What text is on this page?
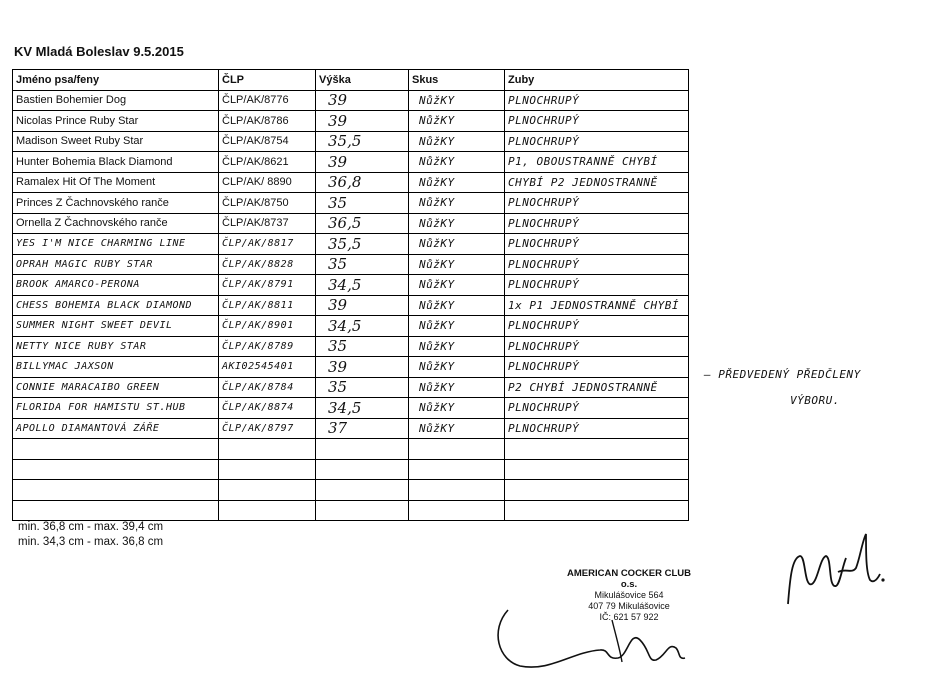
KV Mladá Boleslav 9.5.2015
Jméno psa/feny	ČLP	Výška	Skus	Zuby
Bastien Bohemier Dog	ČLP/AK/8776	39	NůžKY	PLNOCHRUPÝ
Nicolas Prince Ruby Star	ČLP/AK/8786	39	NůžKY	PLNOCHRUPÝ
Madison Sweet Ruby Star	ČLP/AK/8754	35,5	NůžKY	PLNOCHRUPÝ
Hunter Bohemia Black Diamond	ČLP/AK/8621	39	NůžKY	P1, OBOUSTRANNĚ CHYBÍ
Ramalex Hit Of The Moment	CLP/AK/ 8890	36,8	NůžKY	CHYBÍ P2 JEDNOSTRANNĚ
Princes Z Čachnovského ranče	ČLP/AK/8750	35	NůžKY	PLNOCHRUPÝ
Ornella Z Čachnovského ranče	ČLP/AK/8737	36,5	NůžKY	PLNOCHRUPÝ
YES I'M NICE CHARMING LINE	ČLP/AK/8817	35,5	NůžKY	PLNOCHRUPÝ
OPRAH MAGIC RUBY STAR	ČLP/AK/8828	35	NůžKY	PLNOCHRUPÝ
BROOK AMARCO-PERONA	ČLP/AK/8791	34,5	NůžKY	PLNOCHRUPÝ
CHESS BOHEMIA BLACK DIAMOND	ČLP/AK/8811	39	NůžKY	1x P1 JEDNOSTRANNĚ CHYBÍ
SUMMER NIGHT SWEET DEVIL	ČLP/AK/8901	34,5	NůžKY	PLNOCHRUPÝ
NETTY NICE RUBY STAR	ČLP/AK/8789	35	NůžKY	PLNOCHRUPÝ
BILLYMAC JAXSON	AKI02545401	39	NůžKY	PLNOCHRUPÝ
CONNIE MARACAIBO GREEN	ČLP/AK/8784	35	NůžKY	P2 CHYBÍ JEDNOSTRANNĚ
FLORIDA FOR HAMISTU ST.HUB	ČLP/AK/8874	34,5	NůžKY	PLNOCHRUPÝ
APOLLO DIAMANTOVÁ ZÁŘE	ČLP/AK/8797	37	NůžKY	PLNOCHRUPÝ

— PŘEDVEDENÝ PŘEDČLENY
VÝBORU.
min. 36,8 cm - max. 39,4 cm
min. 34,3 cm - max. 36,8 cm
AMERICAN COCKER CLUB o.s.
Mikulášovice 564
407 79 Mikulášovice
IČ: 621 57 922
